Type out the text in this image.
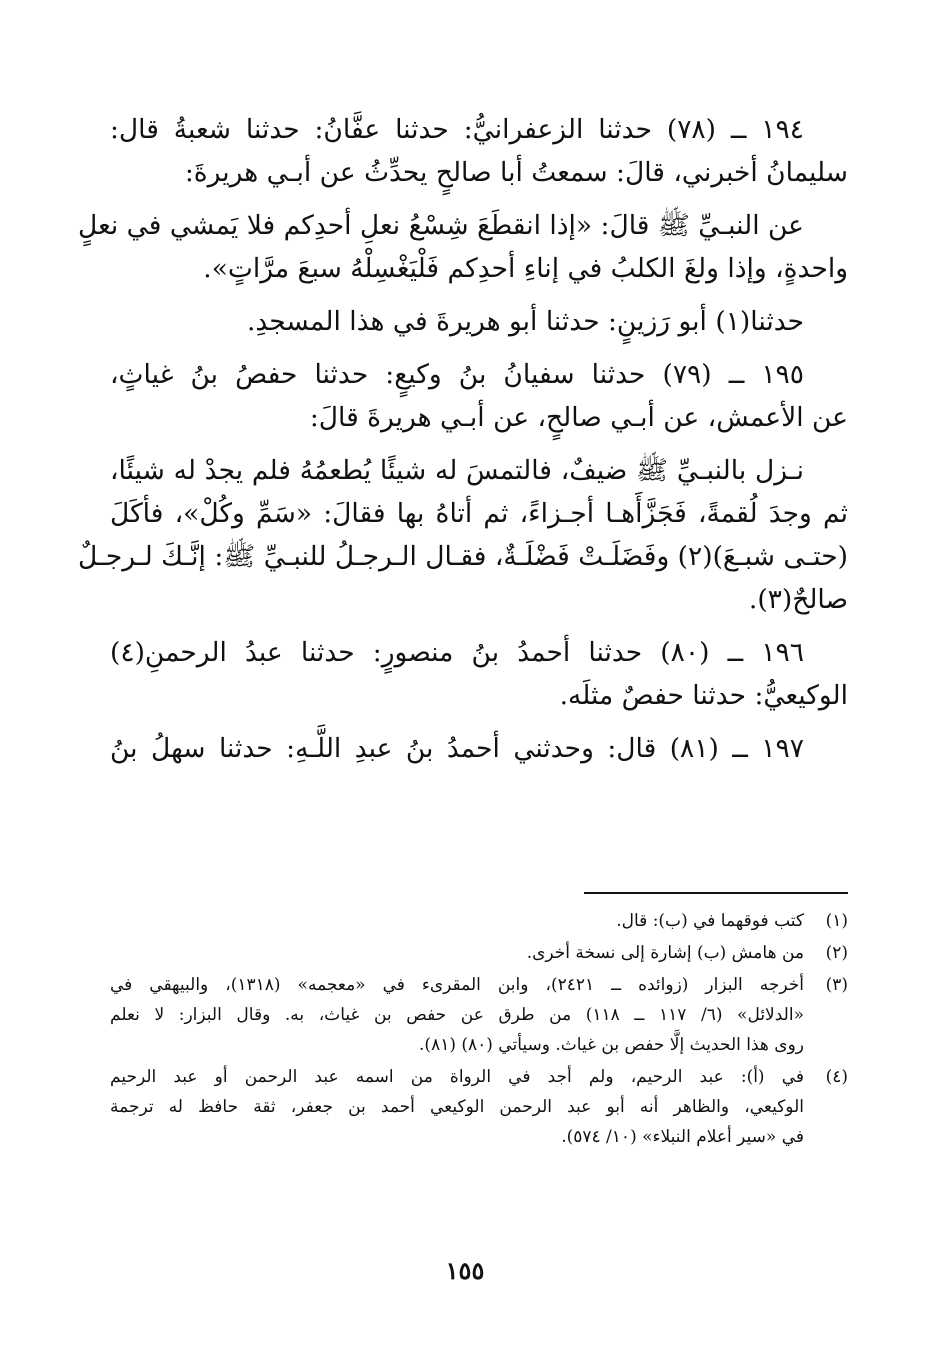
١٩٤ ــ (٧٨) حدثنا الزعفرانيُّ: حدثنا عفَّانُ: حدثنا شعبةُ قال:
سليمانُ أخبرني، قالَ: سمعتُ أبا صالحٍ يحدِّثُ عن أبـي هريرةَ:
عن النبـيِّ ﷺ قالَ: «إذا انقطَعَ شِسْعُ نعلِ أحدِكم فلا يَمشي في نعلٍ
واحدةٍ، وإذا ولغَ الكلبُ في إناءِ أحدِكم فَلْيَغْسِلْهُ سبعَ مرَّاتٍ».
حدثنا(١) أبو رَزينٍ: حدثنا أبو هريرةَ في هذا المسجدِ.
١٩٥ ــ (٧٩) حدثنا سفيانُ بنُ وكيعٍ: حدثنا حفصُ بنُ غياثٍ،
عن الأعمش، عن أبـي صالحٍ، عن أبـي هريرةَ قالَ:
نـزل بالنبـيِّ ﷺ ضيفٌ، فالتمسَ له شيئًا يُطعمُهُ فلم يجدْ له شيئًا،
ثم وجدَ لُقمةً، فَجَزَّأَهـا أجـزاءً، ثم أتاهُ بها فقالَ: «سَمِّ وكُلْ»، فأكَلَ
(حتـى شبـعَ)(٢) وفَضَلَـتْ فَضْلَـةٌ، فقـال الـرجـلُ للنبـيِّ ﷺ: إنَّـكَ لـرجـلٌ
صالحٌ(٣).
١٩٦ ــ (٨٠) حدثنا أحمدُ بنُ منصورٍ: حدثنا عبدُ الرحمنِ(٤)
الوكيعيُّ: حدثنا حفصٌ مثلَه.
١٩٧ ــ (٨١) قال: وحدثني أحمدُ بنُ عبدِ اللَّـهِ: حدثنا سهلُ بنُ
(١)
كتب فوقهما في (ب): قال.
(٢)
من هامش (ب) إشارة إلى نسخة أخرى.
(٣)
أخرجه البزار (زوائده ــ ٢٤٢١)، وابن المقرىء في «معجمه» (١٣١٨)، والبيهقي في
«الدلائل» (٦/ ١١٧ ــ ١١٨) من طرق عن حفص بن غياث، به. وقال البزار: لا نعلم
روى هذا الحديث إلَّا حفص بن غياث. وسيأتي (٨٠) (٨١).
(٤)
في (أ): عبد الرحيم، ولم أجد في الرواة من اسمه عبد الرحمن أو عبد الرحيم
الوكيعي، والظاهر أنه أبو عبد الرحمن الوكيعي أحمد بن جعفر، ثقة حافظ له ترجمة
في «سير أعلام النبلاء» (١٠/ ٥٧٤).
١٥٥
